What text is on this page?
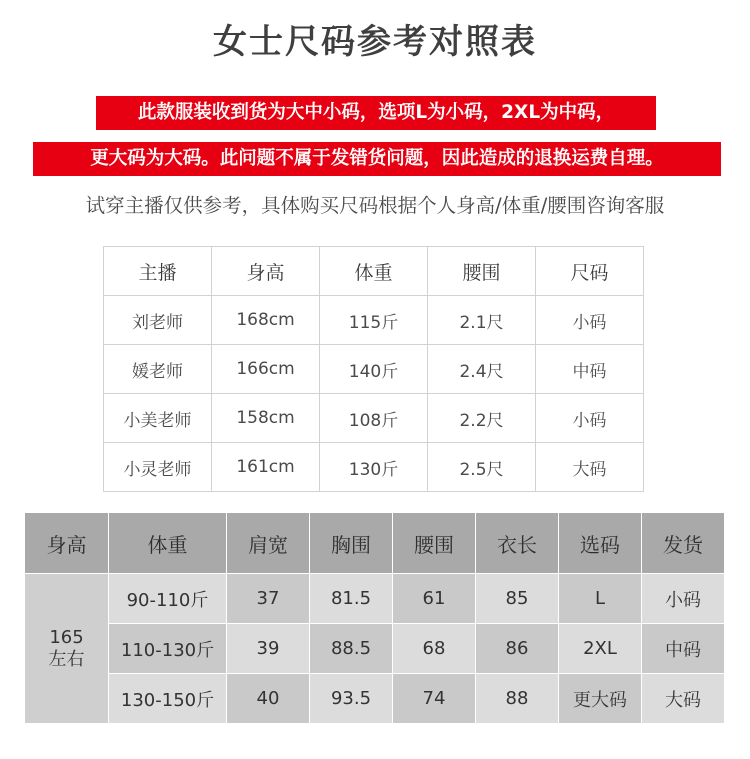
女士尺码参考对照表
此款服装收到货为大中小码，选项L为小码，2XL为中码，
更大码为大码。此问题不属于发错货问题，因此造成的退换运费自理。
试穿主播仅供参考，具体购买尺码根据个人身高/体重/腰围咨询客服
主播	身高	体重	腰围	尺码
刘老师	168cm	115斤	2.1尺	小码
媛老师	166cm	140斤	2.4尺	中码
小美老师	158cm	108斤	2.2尺	小码
小灵老师	161cm	130斤	2.5尺	大码
身高	体重	肩宽	胸围	腰围	衣长	选码	发货

165
左右	90-110斤	37	81.5	61	85	L	小码
	110-130斤	39	88.5	68	86	2XL	中码
	130-150斤	40	93.5	74	88	更大码	大码
